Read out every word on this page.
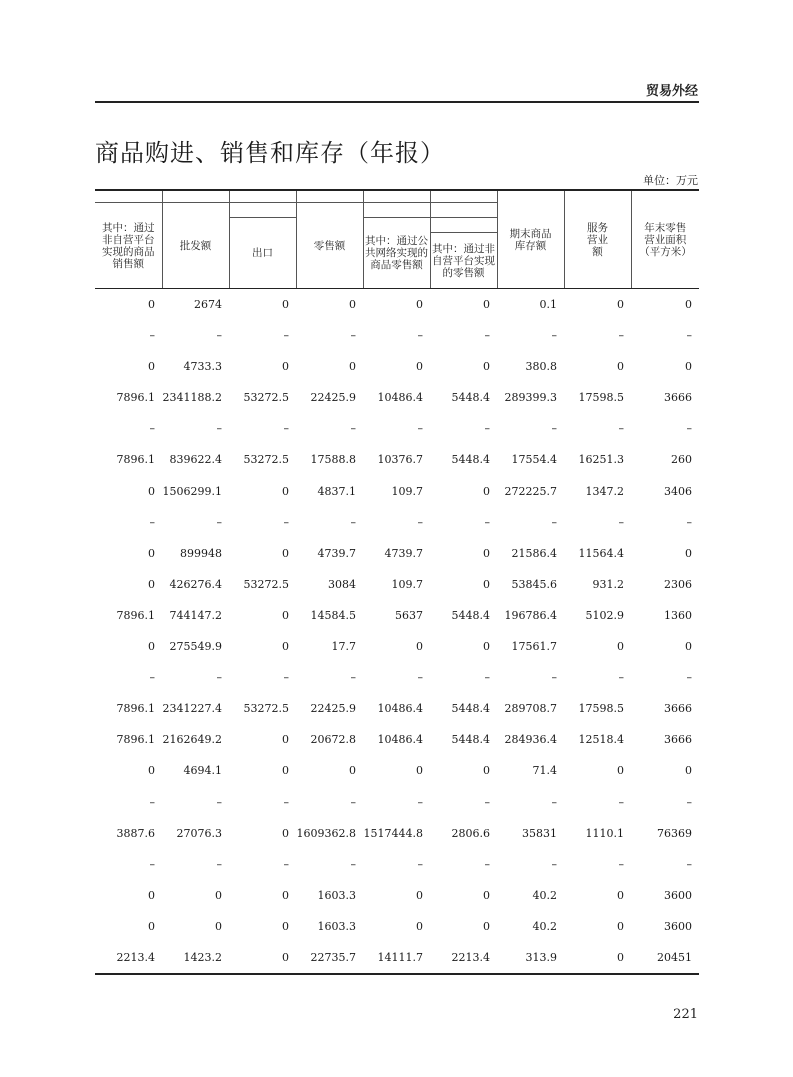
贸易外经
商品购进、销售和库存（年报）
单位：万元
						期末商品库存额	服务营业额	年末零售营业面积（平方米）
其中：通过非自营平台实现的商品销售额	批发额		零售额					
		出口		其中：通过公共网络实现的商品零售额				
					其中：通过非自营平台实现的零售额			
0	2674	0	0	0	0	0.1	0	0
–	–	–	–	–	–	–	–	–
0	4733.3	0	0	0	0	380.8	0	0
7896.1	2341188.2	53272.5	22425.9	10486.4	5448.4	289399.3	17598.5	3666
–	–	–	–	–	–	–	–	–
7896.1	839622.4	53272.5	17588.8	10376.7	5448.4	17554.4	16251.3	260
0	1506299.1	0	4837.1	109.7	0	272225.7	1347.2	3406
–	–	–	–	–	–	–	–	–
0	899948	0	4739.7	4739.7	0	21586.4	11564.4	0
0	426276.4	53272.5	3084	109.7	0	53845.6	931.2	2306
7896.1	744147.2	0	14584.5	5637	5448.4	196786.4	5102.9	1360
0	275549.9	0	17.7	0	0	17561.7	0	0
–	–	–	–	–	–	–	–	–
7896.1	2341227.4	53272.5	22425.9	10486.4	5448.4	289708.7	17598.5	3666
7896.1	2162649.2	0	20672.8	10486.4	5448.4	284936.4	12518.4	3666
0	4694.1	0	0	0	0	71.4	0	0
–	–	–	–	–	–	–	–	–
3887.6	27076.3	0	1609362.8	1517444.8	2806.6	35831	1110.1	76369
–	–	–	–	–	–	–	–	–
0	0	0	1603.3	0	0	40.2	0	3600
0	0	0	1603.3	0	0	40.2	0	3600
2213.4	1423.2	0	22735.7	14111.7	2213.4	313.9	0	20451
221
